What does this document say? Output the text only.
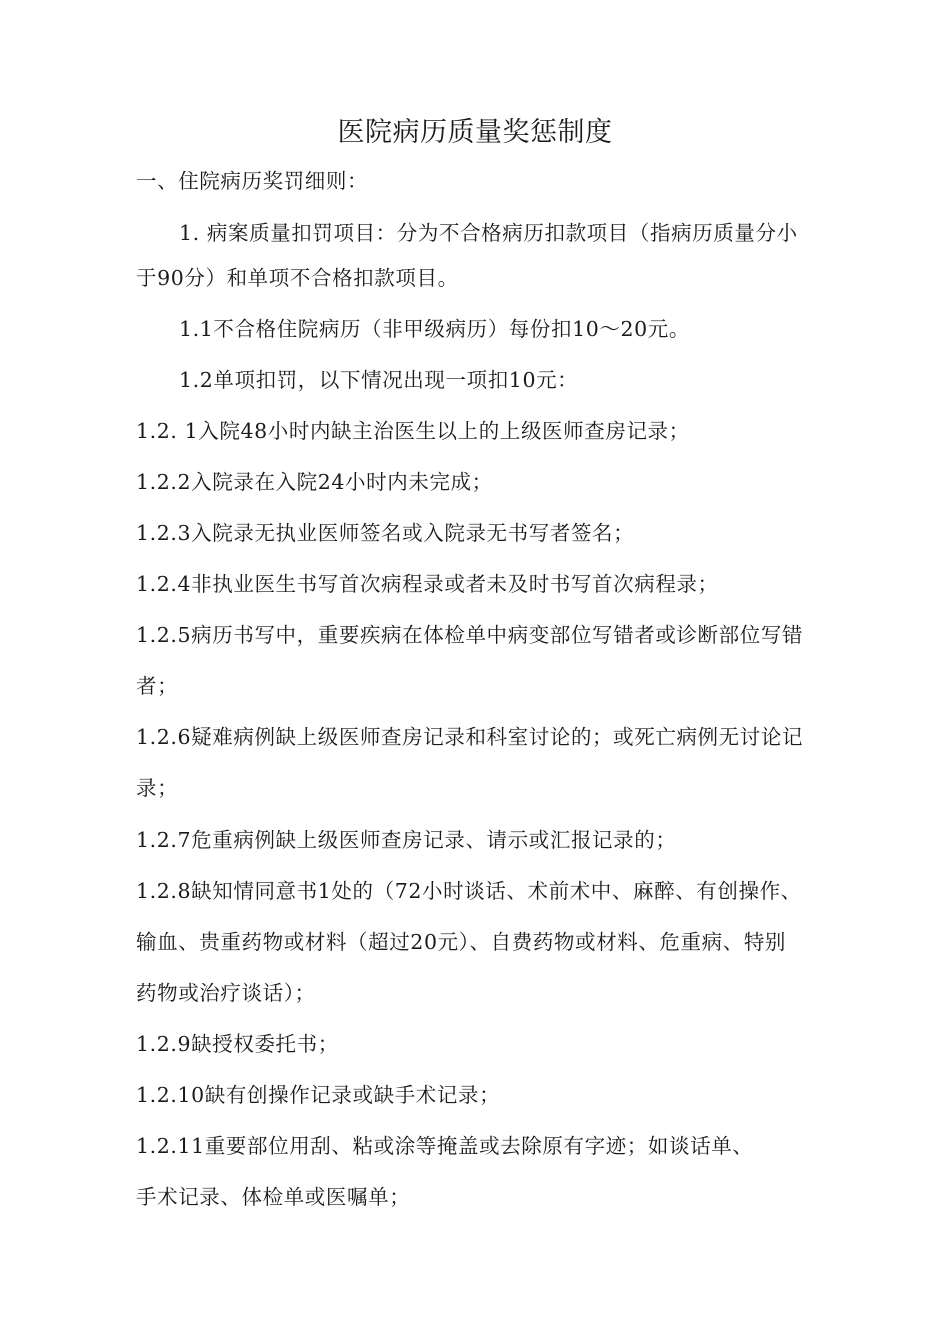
医院病历质量奖惩制度
一、住院病历奖罚细则：
1. 病案质量扣罚项目：分为不合格病历扣款项目（指病历质量分小
于90分）和单项不合格扣款项目。
1.1不合格住院病历（非甲级病历）每份扣10〜20元。
1.2单项扣罚，以下情况出现一项扣10元：
1.2. 1入院48小时内缺主治医生以上的上级医师查房记录；
1.2.2入院录在入院24小时内未完成；
1.2.3入院录无执业医师签名或入院录无书写者签名；
1.2.4非执业医生书写首次病程录或者未及时书写首次病程录；
1.2.5病历书写中，重要疾病在体检单中病变部位写错者或诊断部位写错
者；
1.2.6疑难病例缺上级医师查房记录和科室讨论的；或死亡病例无讨论记
录；
1.2.7危重病例缺上级医师查房记录、请示或汇报记录的；
1.2.8缺知情同意书1处的（72小时谈话、术前术中、麻醉、有创操作、
输血、贵重药物或材料（超过20元）、自费药物或材料、危重病、特别
药物或治疗谈话）；
1.2.9缺授权委托书；
1.2.10缺有创操作记录或缺手术记录；
1.2.11重要部位用刮、粘或涂等掩盖或去除原有字迹；如谈话单、
手术记录、体检单或医嘱单；
